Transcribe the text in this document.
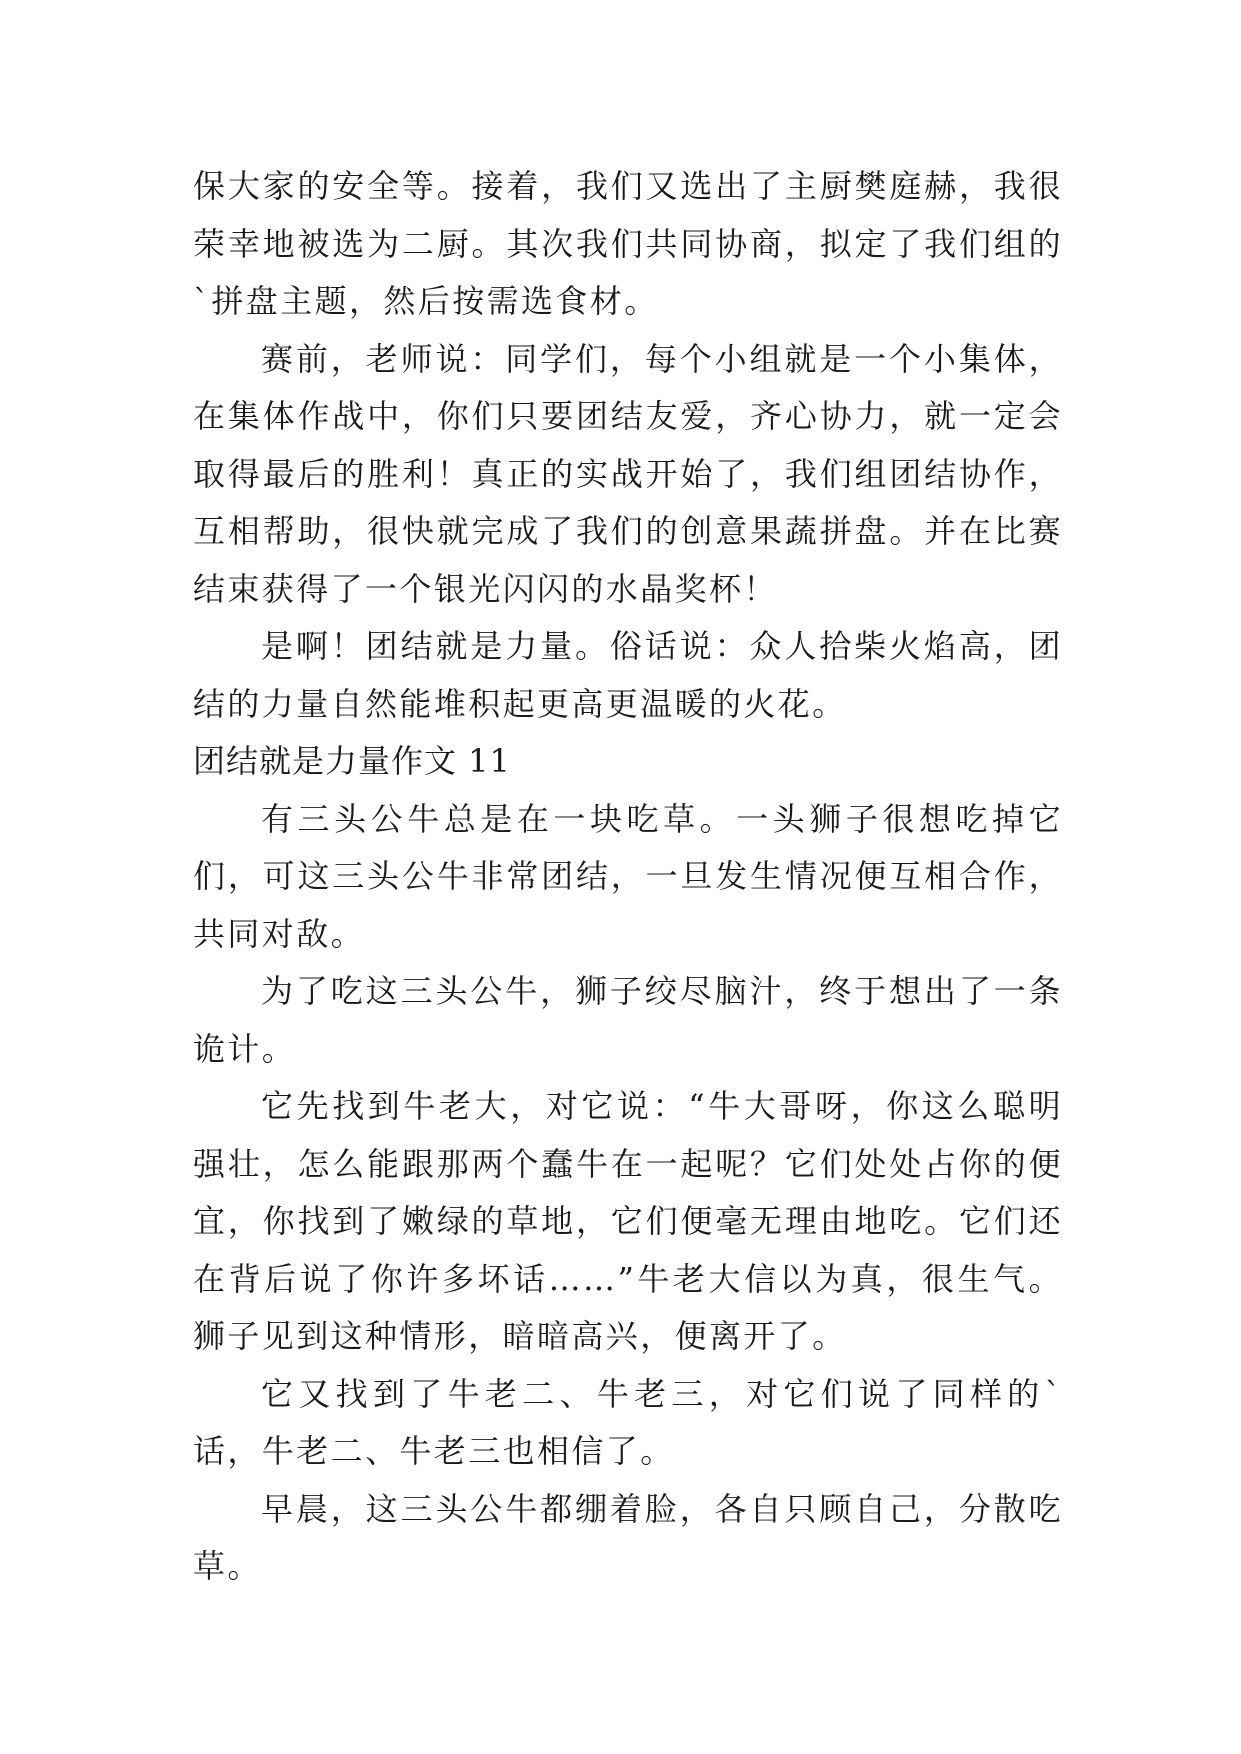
保大家的安全等。接着，我们又选出了主厨樊庭赫，我很荣幸地被选为二厨。其次我们共同协商，拟定了我们组的`拼盘主题，然后按需选食材。

赛前，老师说：同学们，每个小组就是一个小集体，在集体作战中，你们只要团结友爱，齐心协力，就一定会取得最后的胜利！真正的实战开始了，我们组团结协作，互相帮助，很快就完成了我们的创意果蔬拼盘。并在比赛结束获得了一个银光闪闪的水晶奖杯！

是啊！团结就是力量。俗话说：众人拾柴火焰高，团结的力量自然能堆积起更高更温暖的火花。

团结就是力量作文 11

有三头公牛总是在一块吃草。一头狮子很想吃掉它们，可这三头公牛非常团结，一旦发生情况便互相合作，共同对敌。

为了吃这三头公牛，狮子绞尽脑汁，终于想出了一条诡计。

它先找到牛老大，对它说：“牛大哥呀，你这么聪明强壮，怎么能跟那两个蠢牛在一起呢？它们处处占你的便宜，你找到了嫩绿的草地，它们便毫无理由地吃。它们还在背后说了你许多坏话……”牛老大信以为真，很生气。狮子见到这种情形，暗暗高兴，便离开了。

它又找到了牛老二、牛老三，对它们说了同样的`话，牛老二、牛老三也相信了。

早晨，这三头公牛都绷着脸，各自只顾自己，分散吃草。
